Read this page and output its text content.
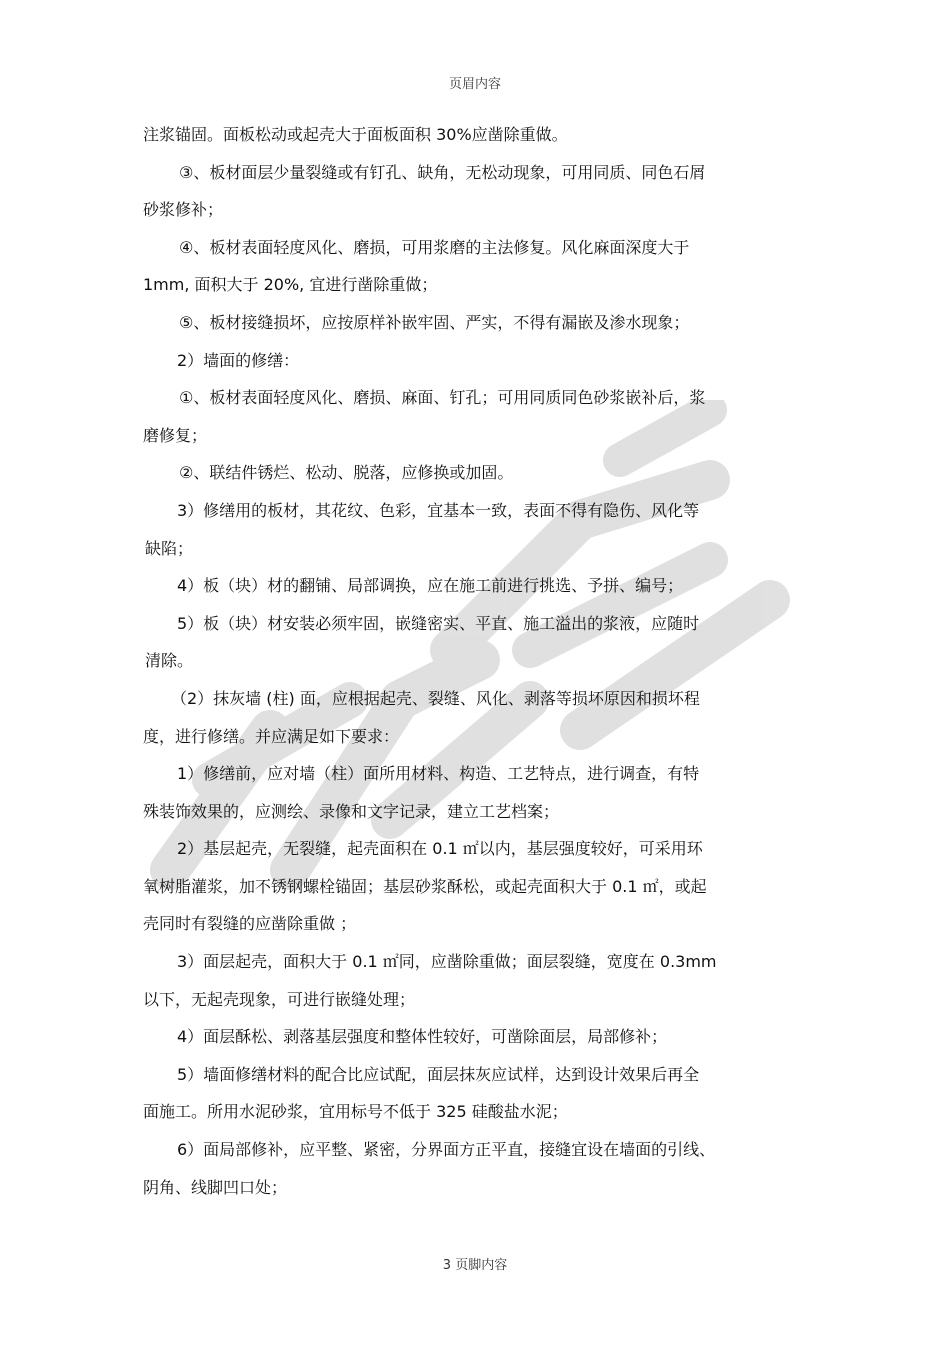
页眉内容
注浆锚固。面板松动或起壳大于面板面积 30%应凿除重做。
③、板材面层少量裂缝或有钉孔、缺角，无松动现象，可用同质、同色石屑
砂浆修补；
④、板材表面轻度风化、磨损，可用浆磨的主法修复。风化麻面深度大于
1mm, 面积大于 20%, 宜进行凿除重做；
⑤、板材接缝损坏，应按原样补嵌牢固、严实，不得有漏嵌及渗水现象；
2）墙面的修缮：
①、板材表面轻度风化、磨损、麻面、钉孔；可用同质同色砂浆嵌补后，浆
磨修复；
②、联结件锈烂、松动、脱落，应修换或加固。
3）修缮用的板材，其花纹、色彩，宜基本一致，表面不得有隐伤、风化等
缺陷；
4）板（块）材的翻铺、局部调换，应在施工前进行挑选、予拼、编号；
5）板（块）材安装必须牢固，嵌缝密实、平直、施工溢出的浆液，应随时
清除。
（2）抹灰墙 (柱) 面，应根据起壳、裂缝、风化、剥落等损坏原因和损坏程
度，进行修缮。并应满足如下要求：
1）修缮前，应对墙（柱）面所用材料、构造、工艺特点，进行调查，有特
殊装饰效果的，应测绘、录像和文字记录，建立工艺档案；
2）基层起壳，无裂缝，起壳面积在 0.1 ㎡以内，基层强度较好，可采用环
氧树脂灌浆，加不锈钢螺栓锚固；基层砂浆酥松，或起壳面积大于 0.1 ㎡，或起
壳同时有裂缝的应凿除重做 ；
3）面层起壳，面积大于 0.1 ㎡同，应凿除重做；面层裂缝，宽度在 0.3mm
以下，无起壳现象，可进行嵌缝处理；
4）面层酥松、剥落基层强度和整体性较好，可凿除面层，局部修补；
5）墙面修缮材料的配合比应试配，面层抹灰应试样，达到设计效果后再全
面施工。所用水泥砂浆，宜用标号不低于 325 硅酸盐水泥；
6）面局部修补，应平整、紧密，分界面方正平直，接缝宜设在墙面的引线、
阴角、线脚凹口处；
3 页脚内容
